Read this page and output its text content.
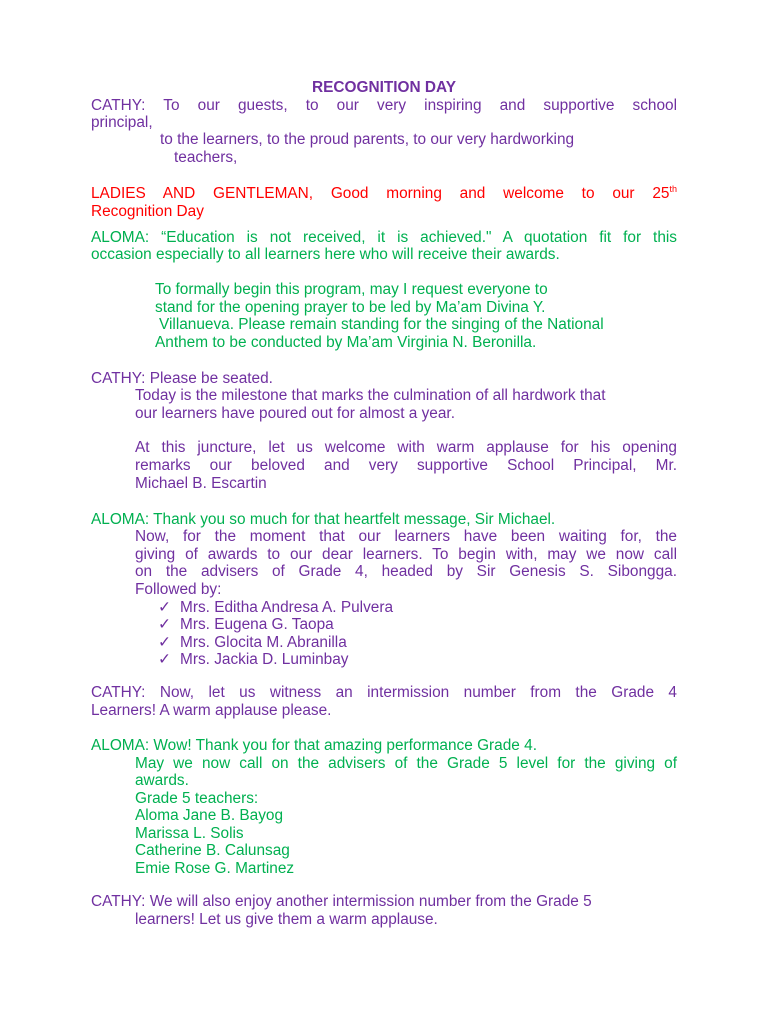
RECOGNITION DAY
CATHY: To our guests, to our very inspiring and supportive school
principal,
to the learners, to the proud parents, to our very hardworking
teachers,
LADIES AND GENTLEMAN, Good morning and welcome to our 25th
Recognition Day
ALOMA: “Education is not received, it is achieved." A quotation fit for this
occasion especially to all learners here who will receive their awards.
To formally begin this program, may I request everyone to
stand for the opening prayer to be led by Ma’am Divina Y.
Villanueva. Please remain standing for the singing of the National
Anthem to be conducted by Ma’am Virginia N. Beronilla.
CATHY: Please be seated.
Today is the milestone that marks the culmination of all hardwork that
our learners have poured out for almost a year.
At this juncture, let us welcome with warm applause for his opening
remarks our beloved and very supportive School Principal, Mr.
Michael B. Escartin
ALOMA: Thank you so much for that heartfelt message, Sir Michael.
Now, for the moment that our learners have been waiting for, the
giving of awards to our dear learners. To begin with, may we now call
on the advisers of Grade 4, headed by Sir Genesis S. Sibongga.
Followed by:
✓ Mrs. Editha Andresa A. Pulvera
✓ Mrs. Eugena G. Taopa
✓ Mrs. Glocita M. Abranilla
✓ Mrs. Jackia D. Luminbay
CATHY: Now, let us witness an intermission number from the Grade 4
Learners! A warm applause please.
ALOMA: Wow! Thank you for that amazing performance Grade 4.
May we now call on the advisers of the Grade 5 level for the giving of
awards.
Grade 5 teachers:
Aloma Jane B. Bayog
Marissa L. Solis
Catherine B. Calunsag
Emie Rose G. Martinez
CATHY: We will also enjoy another intermission number from the Grade 5
learners! Let us give them a warm applause.
